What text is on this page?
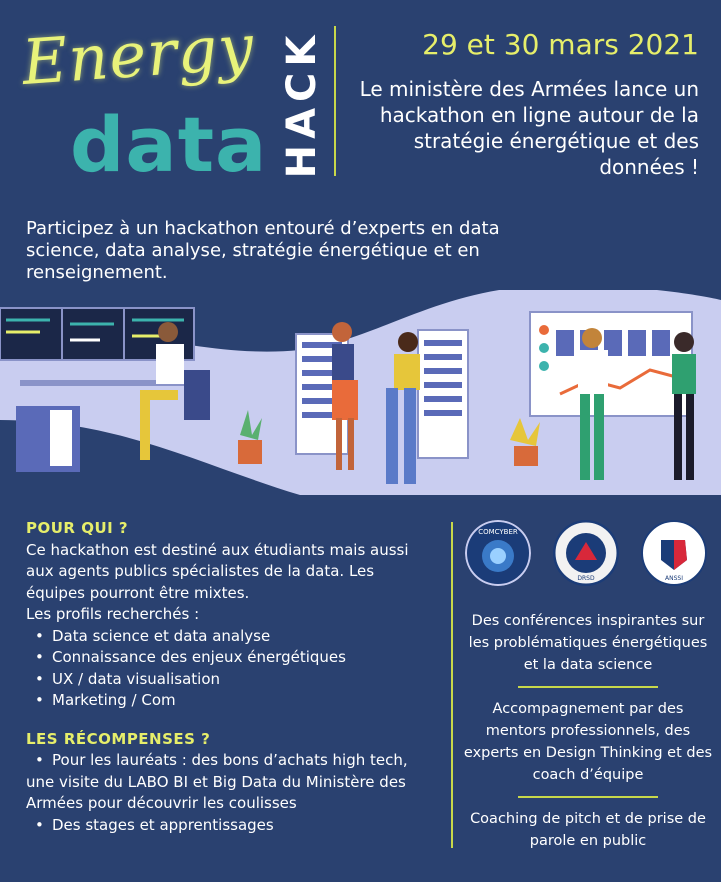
Energy
data HACK	29 et 30 mars 2021
Le ministère des Armées lance un hackathon en ligne autour de la stratégie énergétique et des données !
Participez à un hackathon entouré d’experts en data science, data analyse, stratégie énergétique et en renseignement.
POUR QUI ?

Ce hackathon est destiné aux étudiants mais aussi aux agents publics spécialistes de la data. Les équipes pourront être mixtes.

Les profils recherchés :

• Data science et data analyse
• Connaissance des enjeux énergétiques
• UX / data visualisation
• Marketing / Com
LES RÉCOMPENSES ?
• Pour les lauréats : des bons d’achats high tech,

une visite du LABO BI et Big Data du Ministère des Armées pour découvrir les coulisses

• Des stages et apprentissages
COMCYBER
DRSD	ANSSI

Des conférences inspirantes sur les problématiques énergétiques et la data science

Accompagnement par des mentors professionnels, des experts en Design Thinking et des coach d’équipe

Coaching de pitch et de prise de parole en public
